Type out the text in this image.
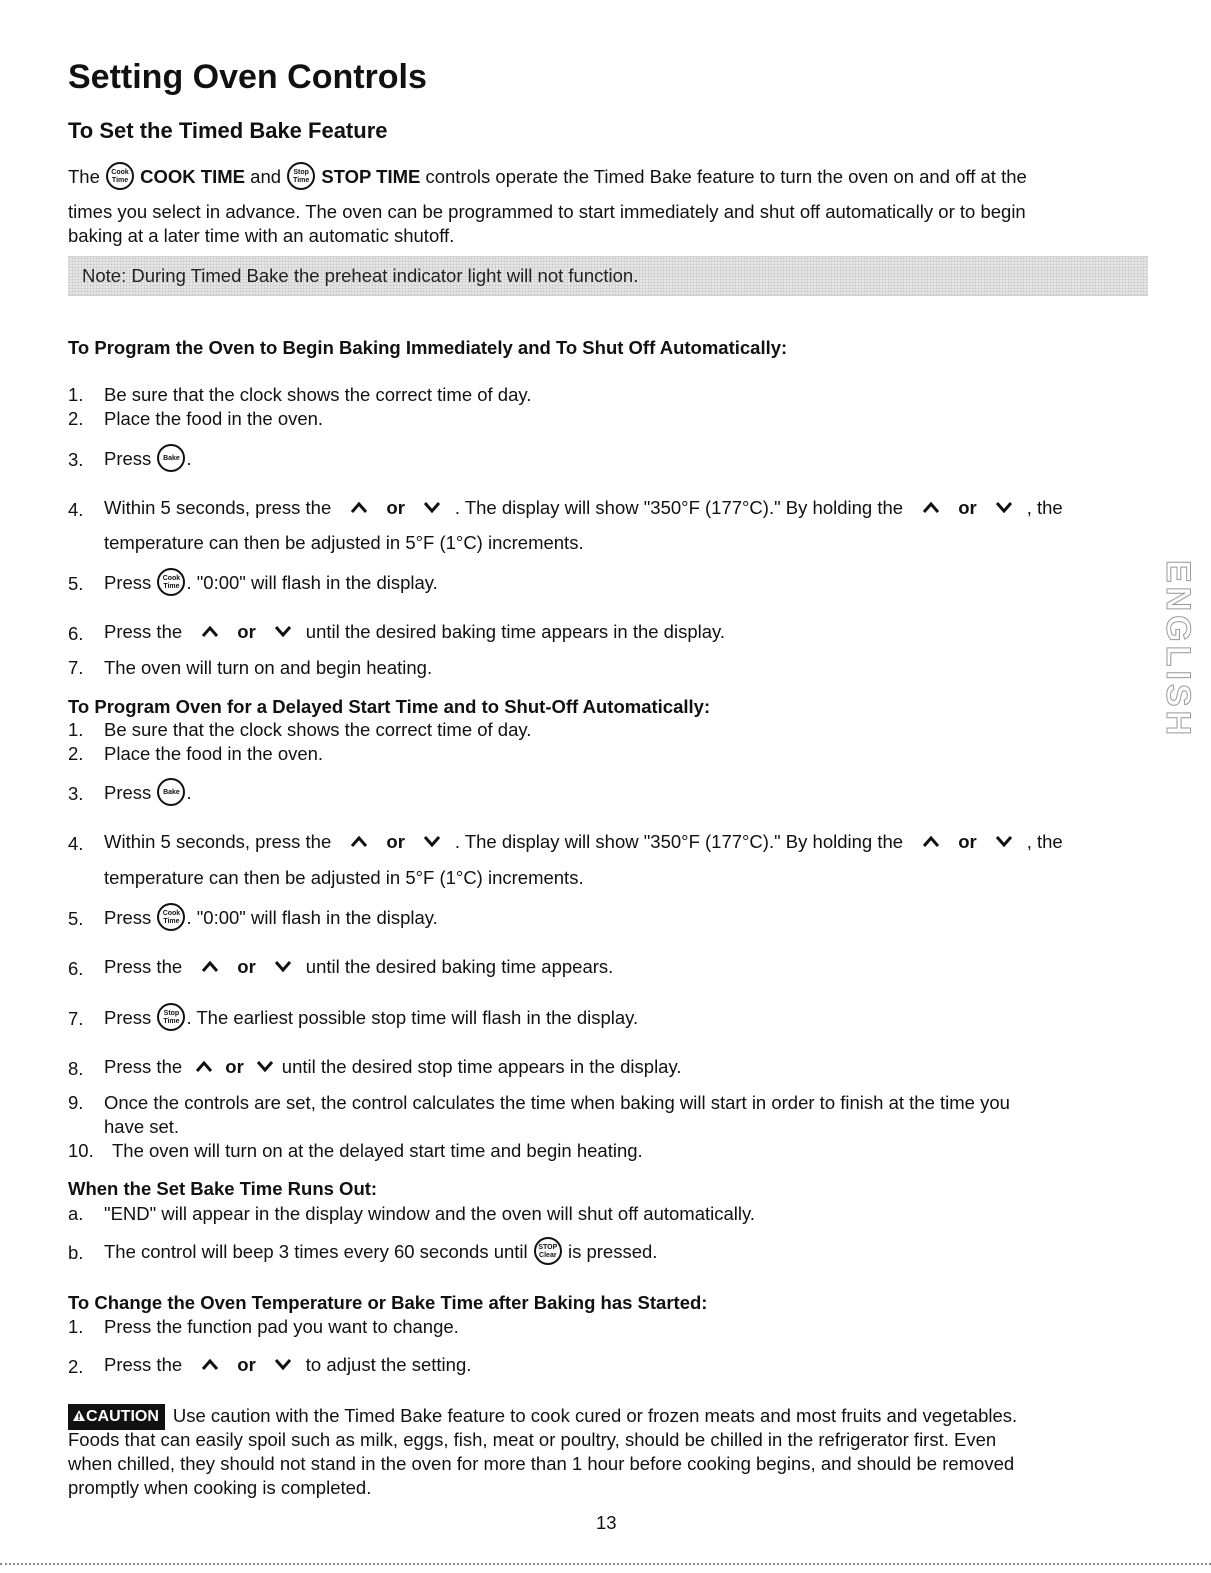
Setting Oven Controls
To Set the Timed Bake Feature
The Cook
Time COOK TIME and Stop
Time STOP TIME controls operate the Timed Bake feature to turn the oven on and off at the
times you select in advance. The oven can be programmed to start immediately and shut off automatically or to begin
baking at a later time with an automatic shutoff.
Note: During Timed Bake the preheat indicator light will not function.
To Program the Oven to Begin Baking Immediately and To Shut Off Automatically:
1. Be sure that the clock shows the correct time of day.
2. Place the food in the oven.
3. Press Bake .
4. Within 5 seconds, press the	or	. The display will show "350°F (177°C)." By holding the	or	, the
temperature can then be adjusted in 5°F (1°C) increments.
5. Press Cook
Time . "0:00" will flash in the display.
6. Press the	or	until the desired baking time appears in the display.
7. The oven will turn on and begin heating.
To Program Oven for a Delayed Start Time and to Shut-Off Automatically:
1. Be sure that the clock shows the correct time of day.
2. Place the food in the oven.
3. Press Bake .
4. Within 5 seconds, press the	or	. The display will show "350°F (177°C)." By holding the	or	, the
temperature can then be adjusted in 5°F (1°C) increments.
5. Press Cook
Time . "0:00" will flash in the display.
6. Press the	or	until the desired baking time appears.
7. Press Stop
Time . The earliest possible stop time will flash in the display.
8. Press the or until the desired stop time appears in the display.
9. Once the controls are set, the control calculates the time when baking will start in order to finish at the time you
have set.
10. The oven will turn on at the delayed start time and begin heating.
When the Set Bake Time Runs Out:
a. "END" will appear in the display window and the oven will shut off automatically.
b. The control will beep 3 times every 60 seconds until STOP
Clear is pressed.
To Change the Oven Temperature or Bake Time after Baking has Started:
1. Press the function pad you want to change.
2. Press the	or	to adjust the setting.
CAUTION Use caution with the Timed Bake feature to cook cured or frozen meats and most fruits and vegetables.
Foods that can easily spoil such as milk, eggs, fish, meat or poultry, should be chilled in the refrigerator first. Even
when chilled, they should not stand in the oven for more than 1 hour before cooking begins, and should be removed
promptly when cooking is completed.
ENGLISH
13
